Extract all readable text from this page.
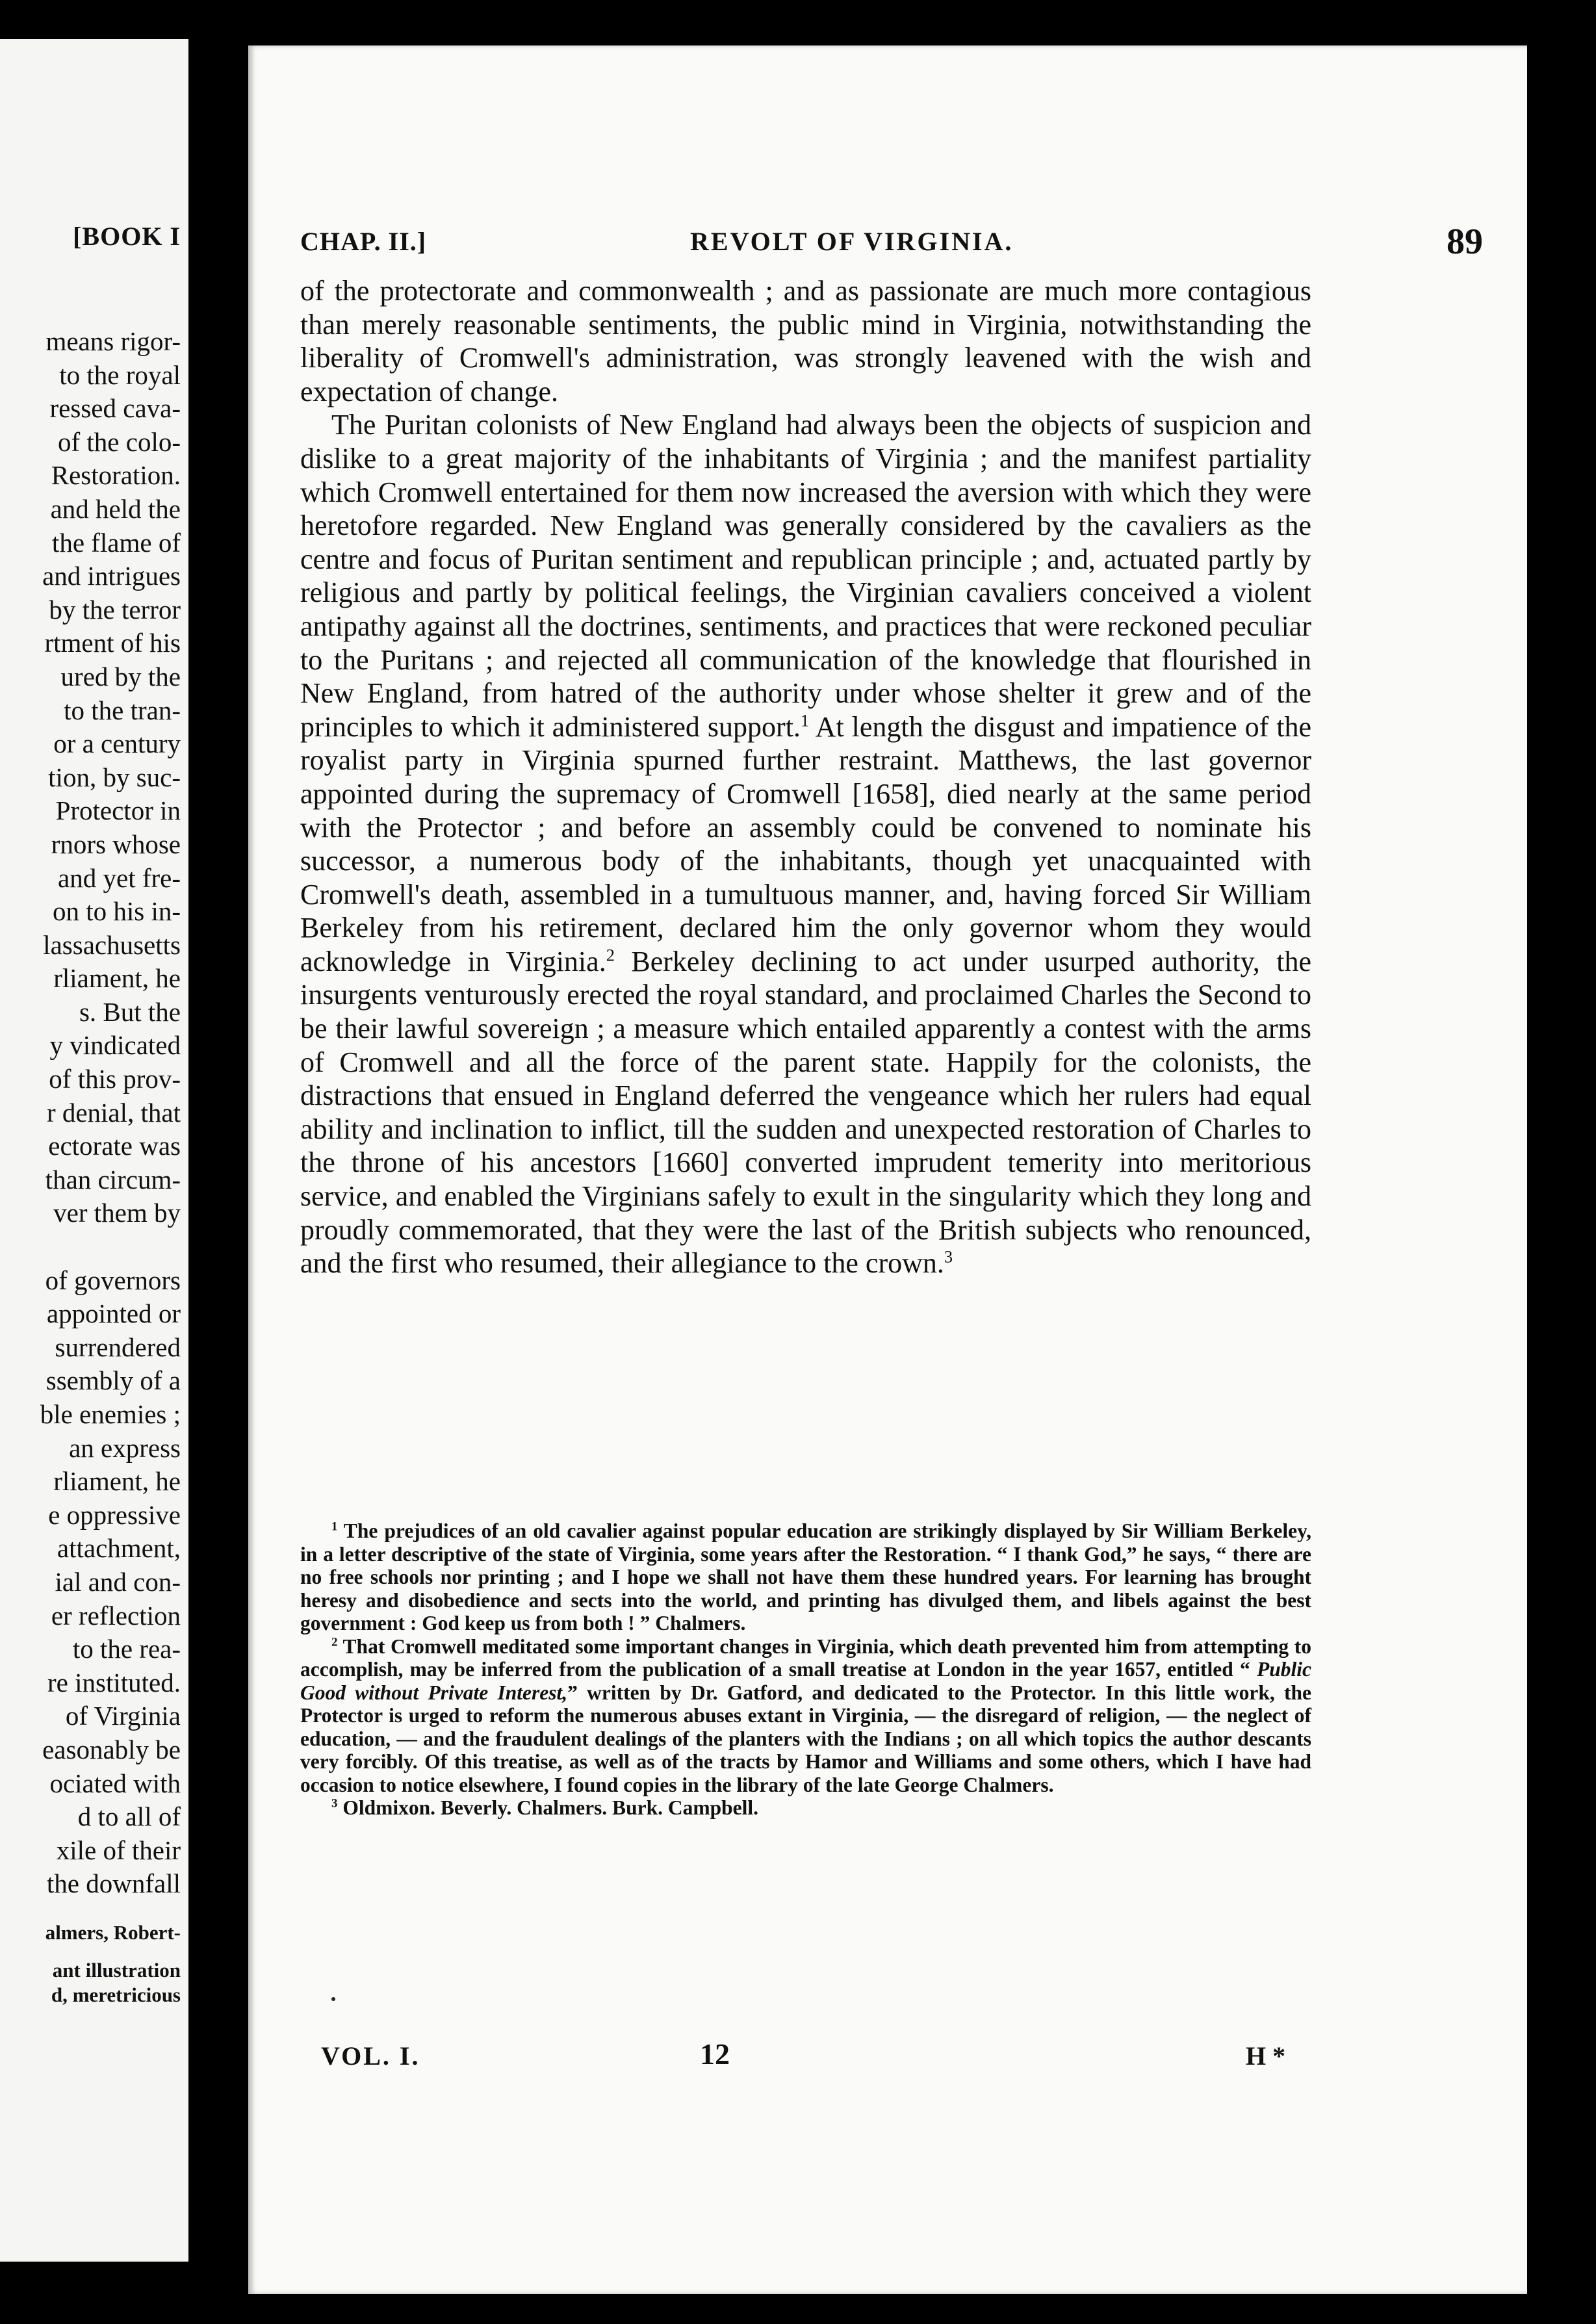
[BOOK I
means rigor-
to the royal
ressed cava-
of the colo-
Restoration.
and held the
the flame of
and intrigues
by the terror
rtment of his
ured by the
to the tran-
or a century
tion, by suc-
Protector in
rnors whose
and yet fre-
on to his in-
lassachusetts
rliament, he
s. But the
y vindicated
of this prov-
r denial, that
ectorate was
than circum-
ver them by
of governors
appointed or
surrendered
ssembly of a
ble enemies ;
an express
rliament, he
e oppressive
attachment,
ial and con-
er reflection
to the rea-
re instituted.
of Virginia
easonably be
ociated with
d to all of
xile of their
the downfall
almers, Robert-
ant illustration
d, meretricious
CHAP. II.]	REVOLT OF VIRGINIA.	89

of the protectorate and commonwealth ; and as passionate are much more contagious than merely reasonable sentiments, the public mind in Virginia, notwithstanding the liberality of Cromwell's administration, was strongly leavened with the wish and expectation of change.

The Puritan colonists of New England had always been the objects of suspicion and dislike to a great majority of the inhabitants of Virginia ; and the manifest partiality which Cromwell entertained for them now increased the aversion with which they were heretofore regarded. New England was generally considered by the cavaliers as the centre and focus of Puritan sentiment and republican principle ; and, actuated partly by religious and partly by political feelings, the Virginian cavaliers conceived a violent antipathy against all the doctrines, sentiments, and practices that were reckoned peculiar to the Puritans ; and rejected all communication of the knowledge that flourished in New England, from hatred of the authority under whose shelter it grew and of the principles to which it administered support.$^1$ At length the disgust and impatience of the royalist party in Virginia spurned further restraint. Matthews, the last governor appointed during the supremacy of Cromwell [1658], died nearly at the same period with the Protector ; and before an assembly could be convened to nominate his successor, a numerous body of the inhabitants, though yet unacquainted with Cromwell's death, assembled in a tumultuous manner, and, having forced Sir William Berkeley from his retirement, declared him the only governor whom they would acknowledge in Virginia.$^2$ Berkeley declining to act under usurped authority, the insurgents venturously erected the royal standard, and proclaimed Charles the Second to be their lawful sovereign ; a measure which entailed apparently a contest with the arms of Cromwell and all the force of the parent state. Happily for the colonists, the distractions that ensued in England deferred the vengeance which her rulers had equal ability and inclination to inflict, till the sudden and unexpected restoration of Charles to the throne of his ancestors [1660] converted imprudent temerity into meritorious service, and enabled the Virginians safely to exult in the singularity which they long and proudly commemorated, that they were the last of the British subjects who renounced, and the first who resumed, their allegiance to the crown.$^3$

$^1$ The prejudices of an old cavalier against popular education are strikingly displayed by Sir William Berkeley, in a letter descriptive of the state of Virginia, some years after the Restoration. “ I thank God,” he says, “ there are no free schools nor printing ; and I hope we shall not have them these hundred years. For learning has brought heresy and disobedience and sects into the world, and printing has divulged them, and libels against the best government : God keep us from both ! ” Chalmers.

$^2$ That Cromwell meditated some important changes in Virginia, which death prevented him from attempting to accomplish, may be inferred from the publication of a small treatise at London in the year 1657, entitled “ Public Good without Private Interest,” written by Dr. Gatford, and dedicated to the Protector. In this little work, the Protector is urged to reform the numerous abuses extant in Virginia, — the disregard of religion, — the neglect of education, — and the fraudulent dealings of the planters with the Indians ; on all which topics the author descants very forcibly. Of this treatise, as well as of the tracts by Hamor and Williams and some others, which I have had occasion to notice elsewhere, I found copies in the library of the late George Chalmers.

$^3$ Oldmixon. Beverly. Chalmers. Burk. Campbell.

VOL. I.	12	H *
